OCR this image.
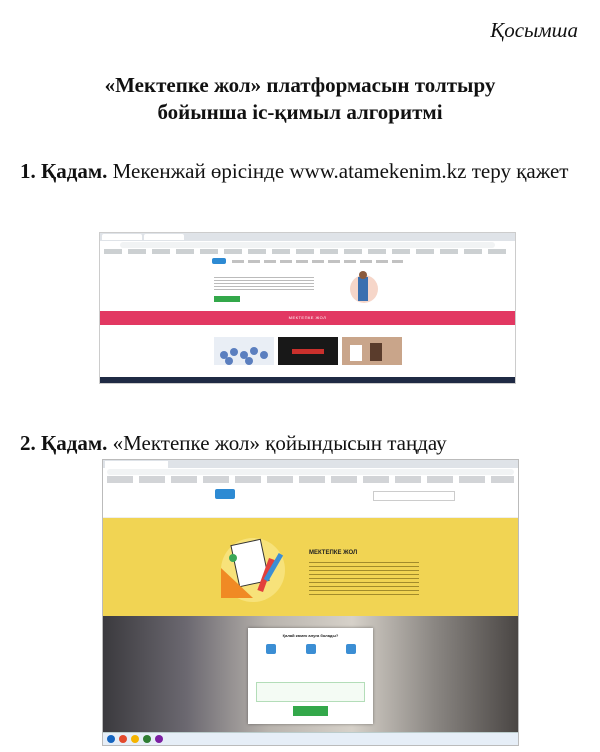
Қосымша
«Мектепке жол» платформасын толтыру
бойынша іс-қимыл алгоритмі
1. Қадам. Мекенжай өрісінде www.atamekenim.kz тeру қажет
МЕКТЕПКЕ ЖОЛ
2. Қадам. «Мектепке жол» қойындысын таңдау
МЕКТЕПКЕ ЖОЛ
Қалай көмек алуға болады?
